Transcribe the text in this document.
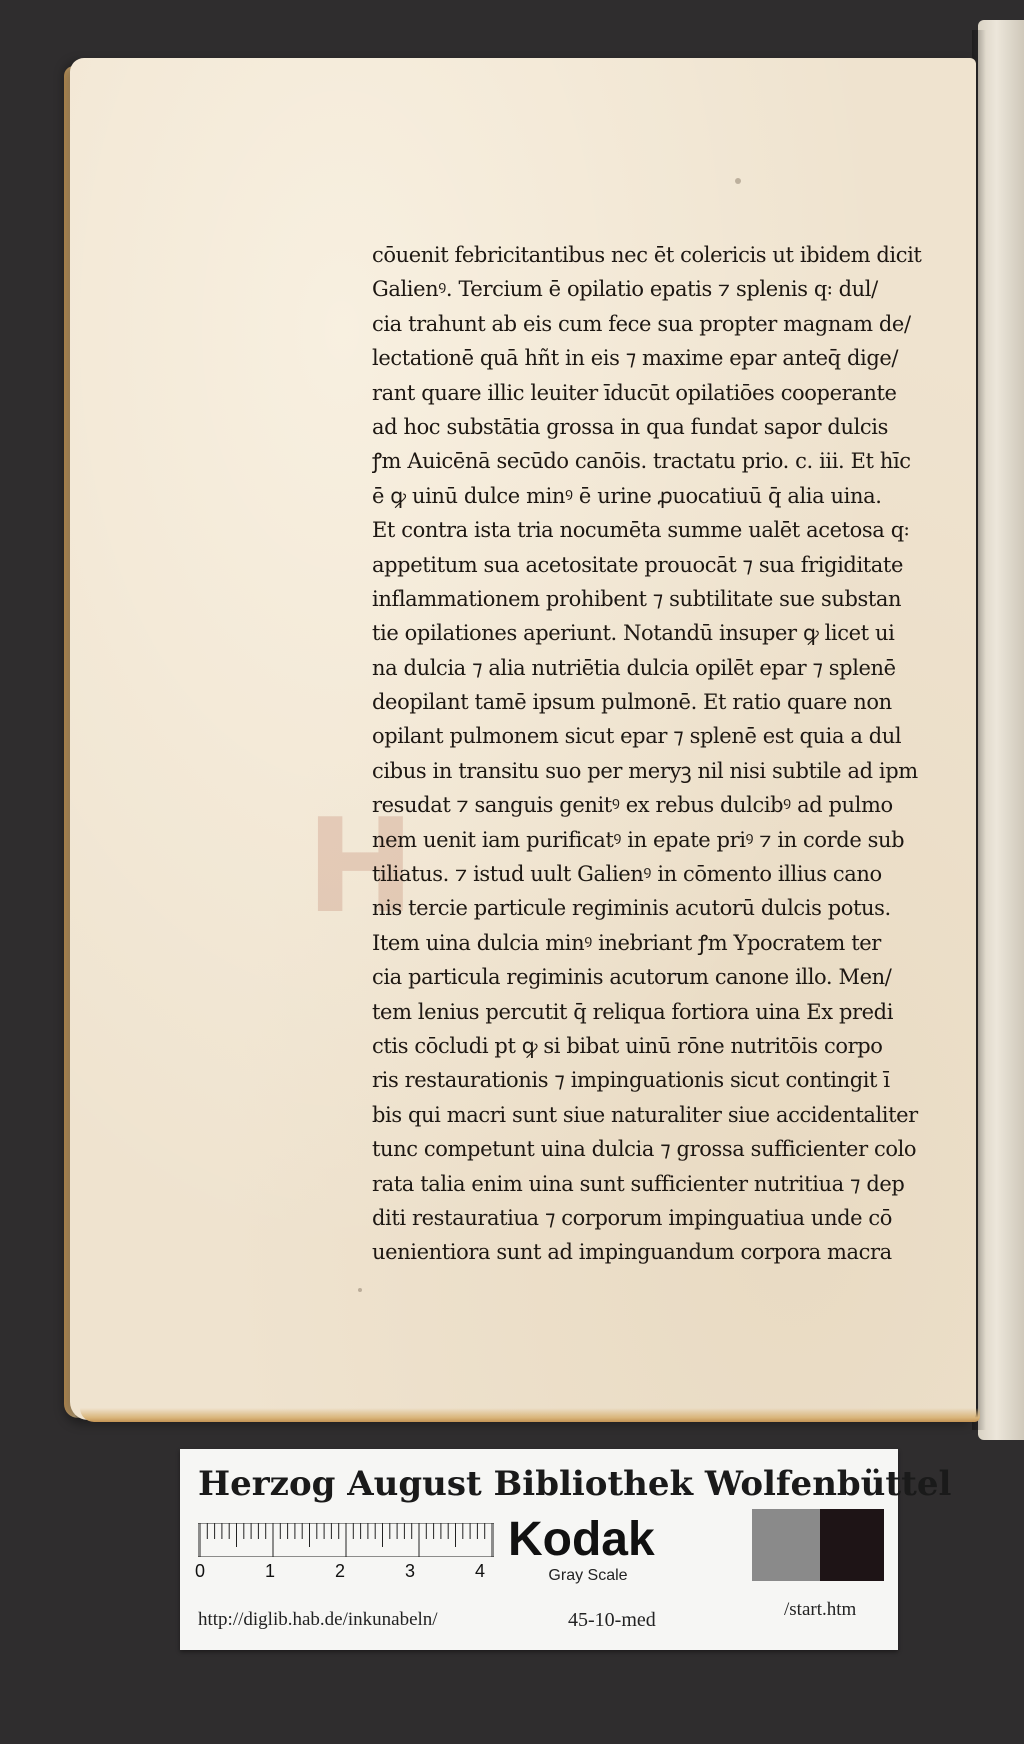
H
cōuenit febricitantibus nec ēt colericis ut ibidem dicit
Galienꝰ. Tercium ē opilatio epatis ⁊ splenis q꞉ dul/
cia trahunt ab eis cum fece sua propter magnam de/
lectationē quā hñt in eis ⁊ maxime epar anteq̄ dige/
rant quare illic leuiter īducūt opilatiōes cooperante
ad hoc substātia grossa in qua fundat sapor dulcis
ꝭm Auicēnā secūdo canōis. tractatu prio. c. iii. Et hīc
ē ꝙ uinū dulce minꝰ ē urine ꝓuocatiuū q̄ alia uina.
Et contra ista tria nocumēta summe ualēt acetosa q꞉
appetitum sua acetositate prouocāt ⁊ sua frigiditate
inflammationem prohibent ⁊ subtilitate sue substan
tie opilationes aperiunt. Notandū insuper ꝙ licet ui
na dulcia ⁊ alia nutriētia dulcia opilēt epar ⁊ splenē
deopilant tamē ipsum pulmonē. Et ratio quare non
opilant pulmonem sicut epar ⁊ splenē est quia a dul
cibus in transitu suo per meryꝫ nil nisi subtile ad ipm
resudat ⁊ sanguis genitꝰ ex rebus dulcibꝰ ad pulmo
nem uenit iam purificatꝰ in epate priꝰ ⁊ in corde sub
tiliatus. ⁊ istud uult Galienꝰ in cōmento illius cano
nis tercie particule regiminis acutorū dulcis potus.
Item uina dulcia minꝰ inebriant ꝭm Ypocratem ter
cia particula regiminis acutorum canone illo. Men/
tem lenius percutit q̄ reliqua fortiora uina Ex predi
ctis cōcludi pt ꝙ si bibat uinū rōne nutritōis corpo
ris restaurationis ⁊ impinguationis sicut contingit ī
bis qui macri sunt siue naturaliter siue accidentaliter
tunc competunt uina dulcia ⁊ grossa sufficienter colo
rata talia enim uina sunt sufficienter nutritiua ⁊ dep
diti restauratiua ⁊ corporum impinguatiua unde cō
uenientiora sunt ad impinguandum corpora macra
Herzog August Bibliothek Wolfenbüttel
0	1	2	3	4
Kodak
Gray Scale
http://diglib.hab.de/inkunabeln/	45-10-med	/start.htm
